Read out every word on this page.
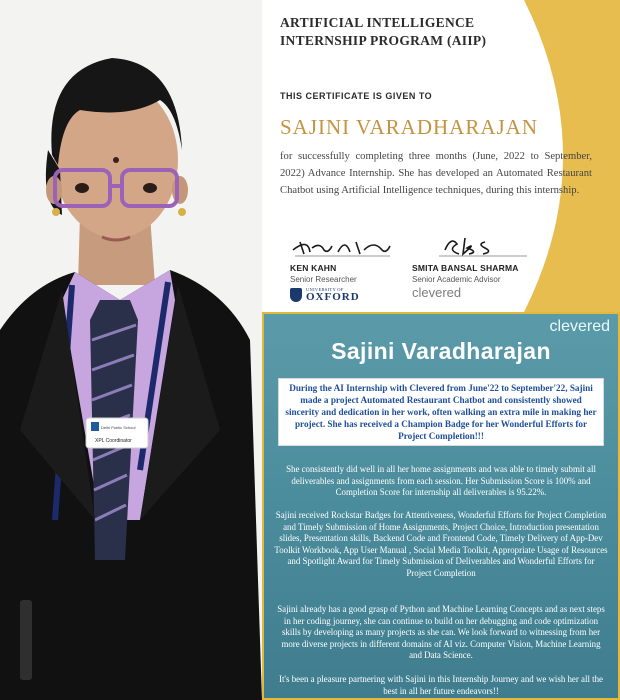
Delhi Public School
XPL Coordinator
ARTIFICIAL INTELLIGENCE
INTERNSHIP PROGRAM (AIIP)
THIS CERTIFICATE IS GIVEN TO
SAJINI VARADHARAJAN
for successfully completing three months (June, 2022 to September, 2022) Advance Internship. She has developed an Automated Restaurant Chatbot using Artificial Intelligence techniques, during this internship.
KEN KAHN
Senior Researcher
SMITA BANSAL SHARMA
Senior Academic Advisor
UNIVERSITY OF
OXFORD	clevered
clevered
Sajini Varadharajan
During the AI Internship with Clevered from June'22 to September'22, Sajini made a project Automated Restaurant Chatbot and consistently showed sincerity and dedication in her work, often walking an extra mile in making her project. She has received a Champion Badge for her Wonderful Efforts for Project Completion!!!
She consistently did well in all her home assignments and was able to timely submit all deliverables and assignments from each session. Her Submission Score is 100% and Completion Score for internship all deliverables is 95.22%.
Sajini received Rockstar Badges for Attentiveness, Wonderful Efforts for Project Completion and Timely Submission of Home Assignments, Project Choice, Introduction presentation slides, Presentation skills, Backend Code and Frontend Code, Timely Delivery of App-Dev Toolkit Workbook, App User Manual , Social Media Toolkit, Appropriate Usage of Resources and Spotlight Award for Timely Submission of Deliverables and Wonderful Efforts for Project Completion
Sajini already has a good grasp of Python and Machine Learning Concepts and as next steps in her coding journey, she can continue to build on her debugging and code optimization skills by developing as many projects as she can. We look forward to witnessing from her more diverse projects in different domains of AI viz. Computer Vision, Machine Learning and Data Science.
It's been a pleasure partnering with Sajini in this Internship Journey and we wish her all the best in all her future endeavors!!
